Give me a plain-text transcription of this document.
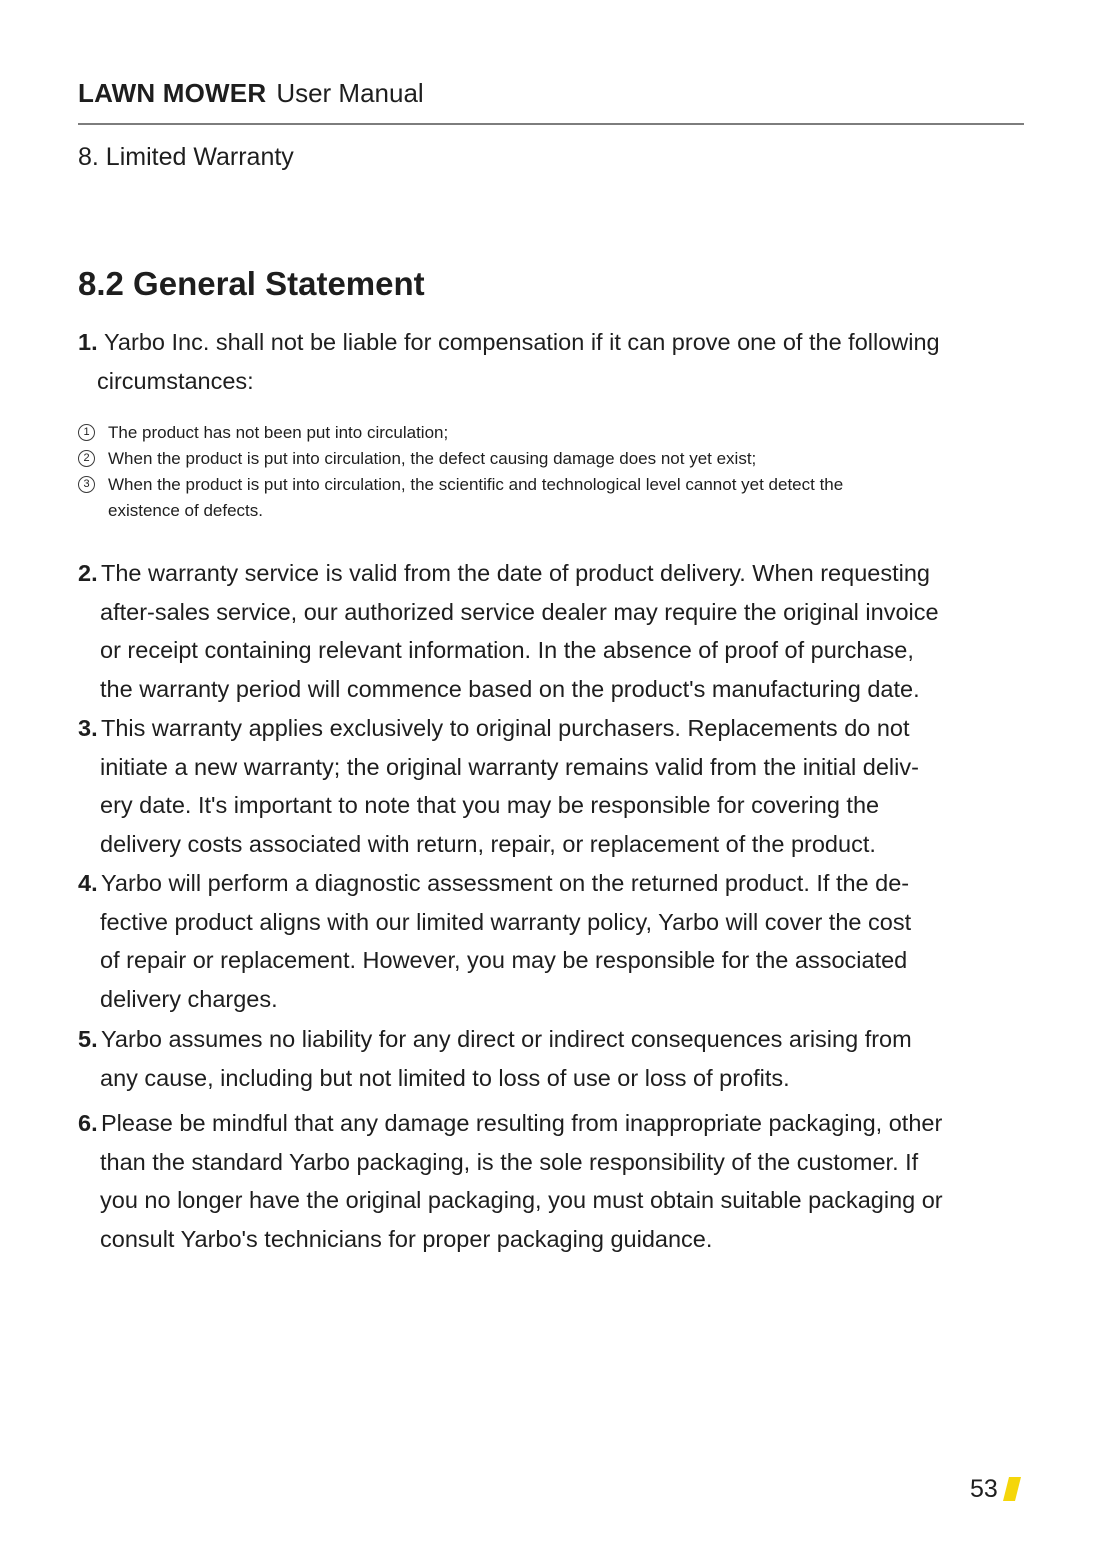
LAWN MOWER User Manual
8. Limited Warranty
8.2 General Statement
1. Yarbo Inc. shall not be liable for compensation if it can prove one of the following
circumstances:
1	The product has not been put into circulation;
2	When the product is put into circulation, the defect causing damage does not yet exist;
3	When the product is put into circulation, the scientific and technological level cannot yet detect the
existence of defects.
2. The warranty service is valid from the date of product delivery. When requesting
after-sales service, our authorized service dealer may require the original invoice
or receipt containing relevant information. In the absence of proof of purchase,
the warranty period will commence based on the product's manufacturing date.
3. This warranty applies exclusively to original purchasers. Replacements do not
initiate a new warranty; the original warranty remains valid from the initial deliv-
ery date. It's important to note that you may be responsible for covering the
delivery costs associated with return, repair, or replacement of the product.
4. Yarbo will perform a diagnostic assessment on the returned product. If the de-
fective product aligns with our limited warranty policy, Yarbo will cover the cost
of repair or replacement. However, you may be responsible for the associated
delivery charges.
5. Yarbo assumes no liability for any direct or indirect consequences arising from
any cause, including but not limited to loss of use or loss of profits.
6. Please be mindful that any damage resulting from inappropriate packaging, other
than the standard Yarbo packaging, is the sole responsibility of the customer. If
you no longer have the original packaging, you must obtain suitable packaging or
consult Yarbo's technicians for proper packaging guidance.
53
